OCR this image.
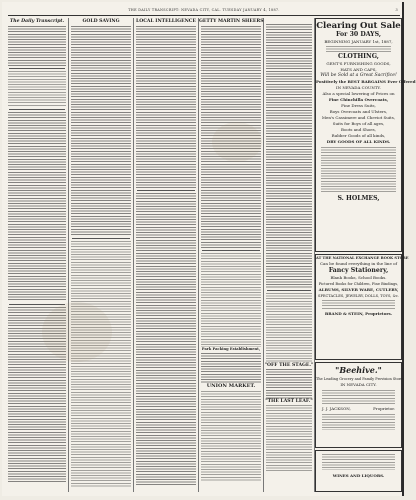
THE DAILY TRANSCRIPT: NEVADA CITY, CAL. TUESDAY JANUARY 4, 1887.	3
The Daily Transcript.	GOLD SAVING	LOCAL INTELLIGENCE GETTY MARTIN SHEERS
Park Packing Establishment,
UNION MARKET.
"OFF THE STAGE."
"THE LAST LEAF."
Clearing Out Sale
For 30 DAYS,
BEGINNING JANUARY 1st, 1887,
CLOTHING,
GENT'S FURNISHING GOODS,
HATS AND CAPS,
Will be Sold at a Great Sacrifice!
Positively the BEST BARGAINS Ever Offered
IN NEVADA COUNTY.
Also a special lowering of Prices on
Fine Chinchilla Overcoats,
Fine Dress Suits,
Boys Overcoats and Ulsters,
Men's Cassimere and Cheviot Suits,
Suits for Boys of all ages,
Boots and Shoes,
Rubber Goods of all kinds,
DRY GOODS OF ALL KINDS.
S. HOLMES,
AT THE NATIONAL EXCHANGE BOOK STORE
Can be found everything in the line of
Fancy Stationery,
Blank Books, School Books.
Pictured Books for Children, Fine Bindings,
ALBUMS, SILVER WARE, CUTLERY,
SPECTACLES, JEWELRY, DOLLS, TOYS, &c.
BRAND & STEIN, Proprietors.
"Beehive."
The Leading Grocery and Family Provision Store
IN NEVADA CITY.
J. J. JACKSON,	Proprietor.
WINES AND LIQUORS.
